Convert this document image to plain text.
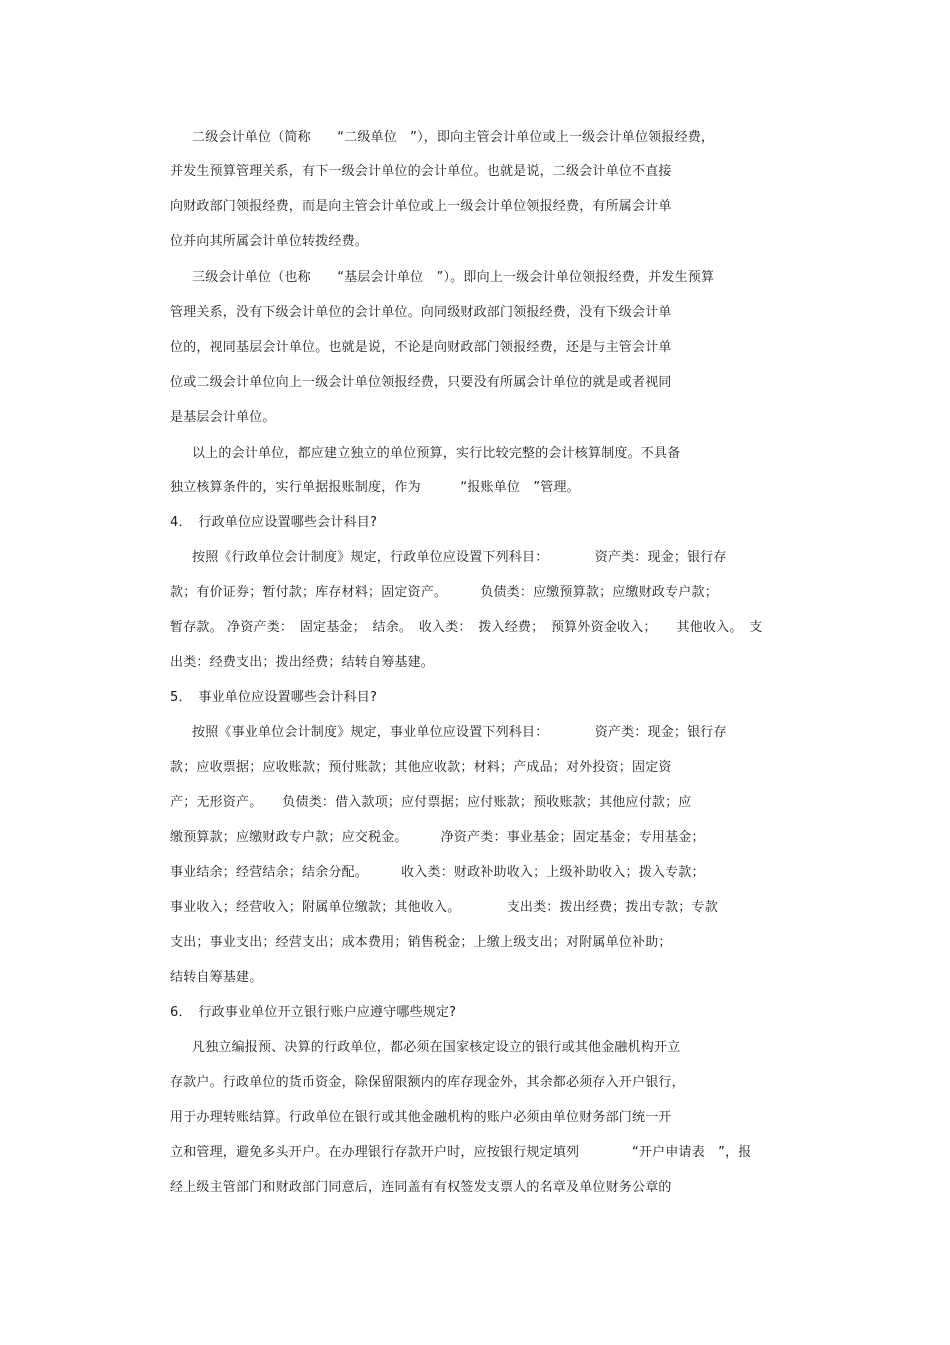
二级会计单位（简称　　“二级单位　”），即向主管会计单位或上一级会计单位领报经费，
并发生预算管理关系，有下一级会计单位的会计单位。也就是说，二级会计单位不直接
向财政部门领报经费，而是向主管会计单位或上一级会计单位领报经费，有所属会计单
位并向其所属会计单位转拨经费。
三级会计单位（也称　　“基层会计单位　”）。即向上一级会计单位领报经费，并发生预算
管理关系，没有下级会计单位的会计单位。向同级财政部门领报经费，没有下级会计单
位的，视同基层会计单位。也就是说，不论是向财政部门领报经费，还是与主管会计单
位或二级会计单位向上一级会计单位领报经费，只要没有所属会计单位的就是或者视同
是基层会计单位。
以上的会计单位，都应建立独立的单位预算，实行比较完整的会计核算制度。不具备
独立核算条件的，实行单据报账制度，作为　　　“报账单位　”管理。
4．　行政单位应设置哪些会计科目?
按照《行政单位会计制度》规定，行政单位应设置下列科目：　　　　资产类：现金；银行存
款；有价证券；暂付款；库存材料；固定资产。　　　负债类：应缴预算款；应缴财政专户款；
暂存款。 净资产类：　固定基金；　结余。　收入类：　拨入经费；　预算外资金收入；　　其他收入。　支
出类：经费支出；拨出经费；结转自筹基建。
5．　事业单位应设置哪些会计科目?
按照《事业单位会计制度》规定，事业单位应设置下列科目：　　　　资产类：现金；银行存
款；应收票据；应收账款；预付账款；其他应收款；材料；产成品；对外投资；固定资
产；无形资产。　　负债类：借入款项；应付票据；应付账款；预收账款；其他应付款；应
缴预算款；应缴财政专户款；应交税金。　　　净资产类：事业基金；固定基金；专用基金；
事业结余；经营结余；结余分配。　　　收入类：财政补助收入；上级补助收入；拨入专款；
事业收入；经营收入；附属单位缴款；其他收入。　　　　支出类：拨出经费；拨出专款；专款
支出；事业支出；经营支出；成本费用；销售税金；上缴上级支出；对附属单位补助；
结转自筹基建。
6．　行政事业单位开立银行账户应遵守哪些规定?
凡独立编报预、决算的行政单位，都必须在国家核定设立的银行或其他金融机构开立
存款户。行政单位的货币资金，除保留限额内的库存现金外，其余都必须存入开户银行，
用于办理转账结算。行政单位在银行或其他金融机构的账户必须由单位财务部门统一开
立和管理，避免多头开户。在办理银行存款开户时，应按银行规定填列　　　　“开户申请表　”，报
经上级主管部门和财政部门同意后，连同盖有有权签发支票人的名章及单位财务公章的
